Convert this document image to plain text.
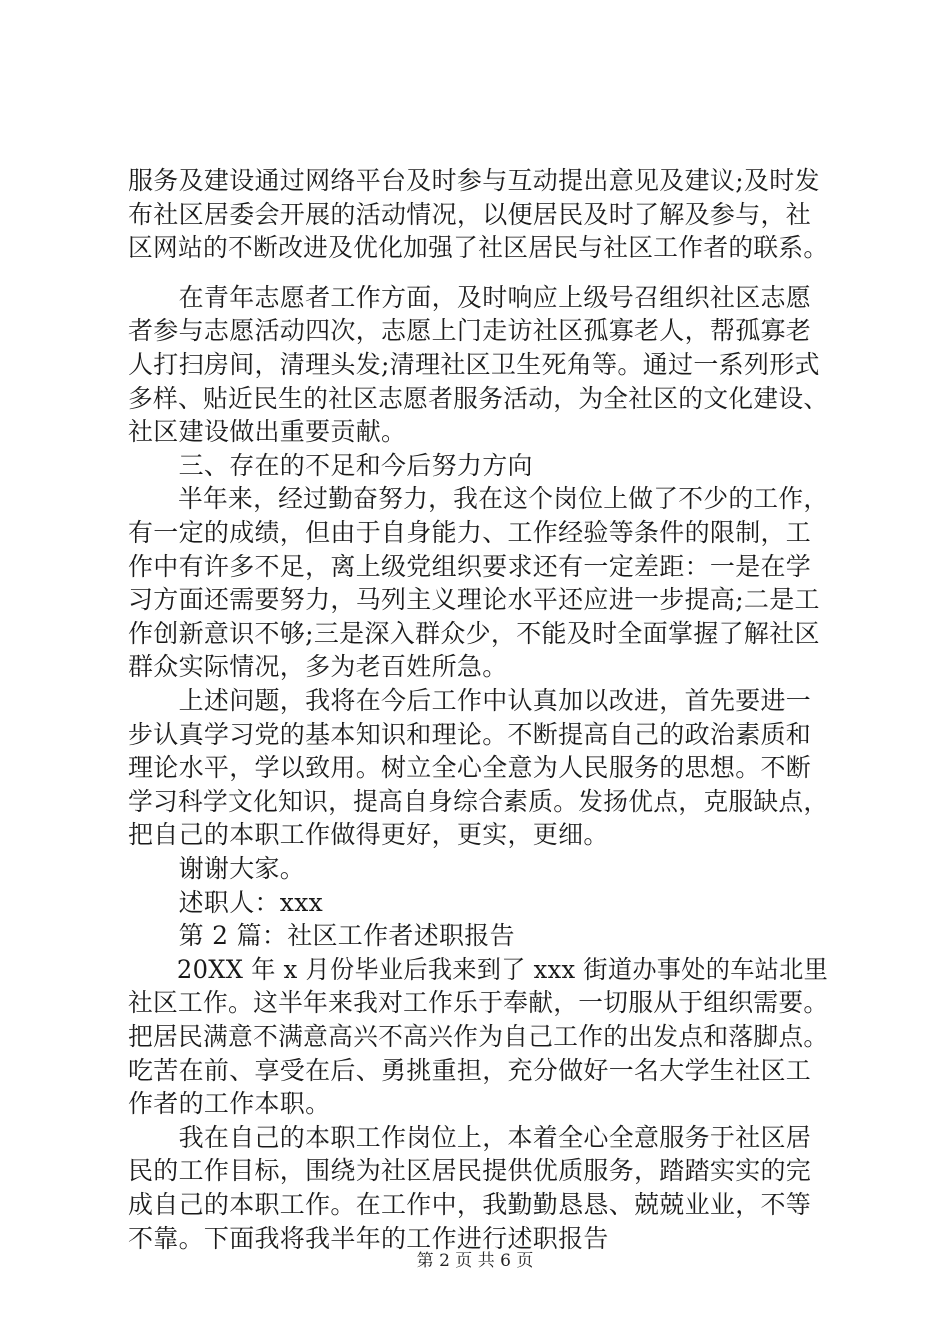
服务及建设通过网络平台及时参与互动提出意见及建议;及时发
布社区居委会开展的活动情况，以便居民及时了解及参与，社
区网站的不断改进及优化加强了社区居民与社区工作者的联系。
　　在青年志愿者工作方面，及时响应上级号召组织社区志愿
者参与志愿活动四次，志愿上门走访社区孤寡老人，帮孤寡老
人打扫房间，清理头发;清理社区卫生死角等。通过一系列形式
多样、贴近民生的社区志愿者服务活动，为全社区的文化建设、
社区建设做出重要贡献。
　　三、存在的不足和今后努力方向
　　半年来，经过勤奋努力，我在这个岗位上做了不少的工作，
有一定的成绩，但由于自身能力、工作经验等条件的限制，工
作中有许多不足，离上级党组织要求还有一定差距：一是在学
习方面还需要努力，马列主义理论水平还应进一步提高;二是工
作创新意识不够;三是深入群众少，不能及时全面掌握了解社区
群众实际情况，多为老百姓所急。
　　上述问题，我将在今后工作中认真加以改进，首先要进一
步认真学习党的基本知识和理论。不断提高自己的政治素质和
理论水平，学以致用。树立全心全意为人民服务的思想。不断
学习科学文化知识，提高自身综合素质。发扬优点，克服缺点，
把自己的本职工作做得更好，更实，更细。
　　谢谢大家。
　　述职人：xxx
　　第 2 篇：社区工作者述职报告
　　20XX 年 x 月份毕业后我来到了 xxx 街道办事处的车站北里
社区工作。这半年来我对工作乐于奉献，一切服从于组织需要。
把居民满意不满意高兴不高兴作为自己工作的出发点和落脚点。
吃苦在前、享受在后、勇挑重担，充分做好一名大学生社区工
作者的工作本职。
　　我在自己的本职工作岗位上，本着全心全意服务于社区居
民的工作目标，围绕为社区居民提供优质服务，踏踏实实的完
成自己的本职工作。在工作中，我勤勤恳恳、兢兢业业，不等
不靠。下面我将我半年的工作进行述职报告
第 2 页 共 6 页
